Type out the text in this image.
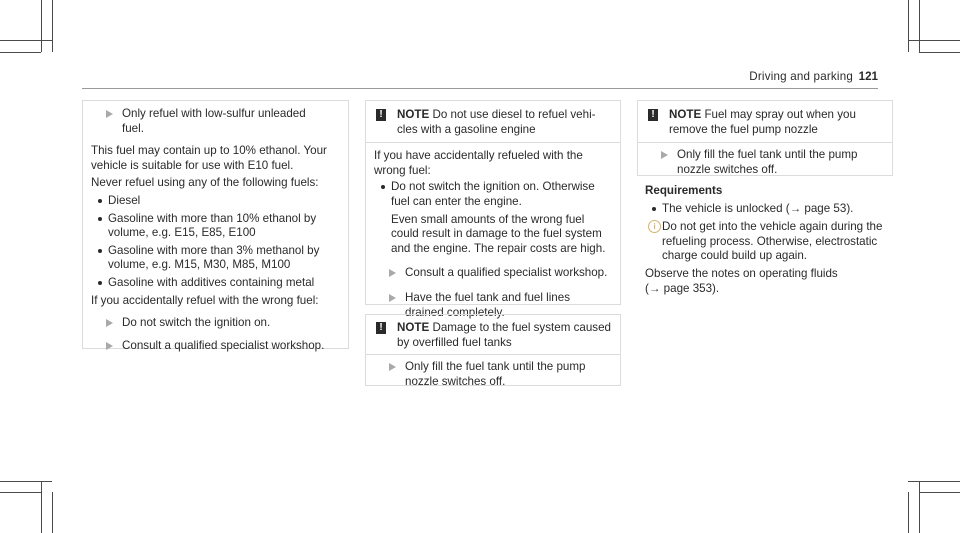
Driving and parking 121

Only refuel with low-sulfur unleaded

fuel.

This fuel may contain up to 10% ethanol. Your

vehicle is suitable for use with E10 fuel.

Never refuel using any of the following fuels:

Diesel

Gasoline with more than 10% ethanol by

volume, e.g. E15, E85, E100

Gasoline with more than 3% methanol by

volume, e.g. M15, M30, M85, M100

Gasoline with additives containing metal

If you accidentally refuel with the wrong fuel:

Do not switch the ignition on.

Consult a qualified specialist workshop.

! NOTE Do not use diesel to refuel vehi-

cles with a gasoline engine

If you have accidentally refueled with the

wrong fuel:

Do not switch the ignition on. Otherwise

fuel can enter the engine.

Even small amounts of the wrong fuel

could result in damage to the fuel system

and the engine. The repair costs are high.

Consult a qualified specialist workshop.

Have the fuel tank and fuel lines

drained completely.

! NOTE Damage to the fuel system caused

by overfilled fuel tanks

Only fill the fuel tank until the pump

nozzle switches off.

! NOTE Fuel may spray out when you

remove the fuel pump nozzle

Only fill the fuel tank until the pump

nozzle switches off.

Requirements

The vehicle is unlocked (→ page 53).

i Do not get into the vehicle again during the

refueling process. Otherwise, electrostatic

charge could build up again.

Observe the notes on operating fluids

(→ page 353).
